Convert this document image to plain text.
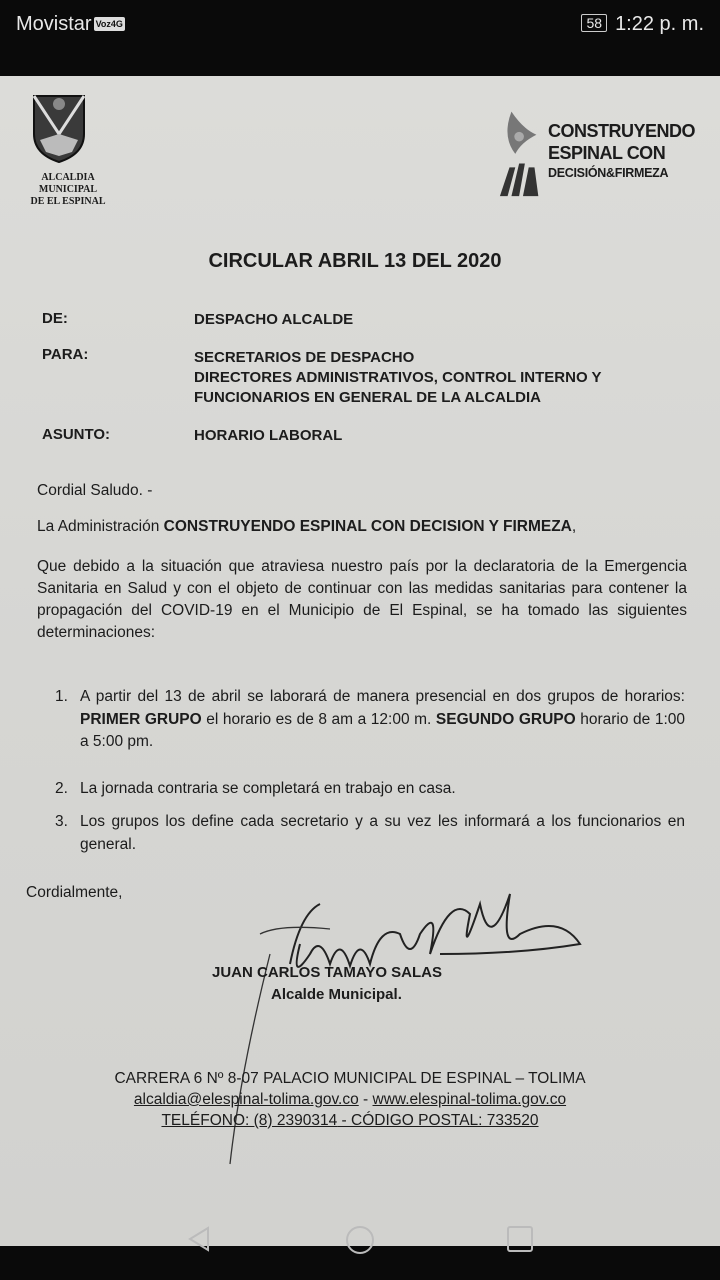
Movistar Voz4G	58 1:22 p. m.
ALCALDIA MUNICIPAL
DE EL ESPINAL
CONSTRUYENDO
ESPINAL CON
DECISIÓN&FIRMEZA
CIRCULAR ABRIL 13 DEL 2020
DE:	DESPACHO ALCALDE
PARA:	SECRETARIOS DE DESPACHO
DIRECTORES ADMINISTRATIVOS, CONTROL INTERNO Y
FUNCIONARIOS EN GENERAL DE LA ALCALDIA
ASUNTO:	HORARIO LABORAL
Cordial Saludo. -
La Administración CONSTRUYENDO ESPINAL CON DECISION Y FIRMEZA,
Que debido a la situación que atraviesa nuestro país por la declaratoria de la Emergencia Sanitaria en Salud y con el objeto de continuar con las medidas sanitarias para contener la propagación del COVID-19 en el Municipio de El Espinal, se ha tomado las siguientes determinaciones:
1. A partir del 13 de abril se laborará de manera presencial en dos grupos de horarios: PRIMER GRUPO el horario es de 8 am a 12:00 m. SEGUNDO GRUPO horario de 1:00 a 5:00 pm.
2. La jornada contraria se completará en trabajo en casa.
3. Los grupos los define cada secretario y a su vez les informará a los funcionarios en general.
Cordialmente,
JUAN CARLOS TAMAYO SALAS
Alcalde Municipal.
CARRERA 6 Nº 8-07 PALACIO MUNICIPAL DE ESPINAL – TOLIMA
alcaldia@elespinal-tolima.gov.co - www.elespinal-tolima.gov.co
TELÉFONO: (8) 2390314 - CÓDIGO POSTAL: 733520
